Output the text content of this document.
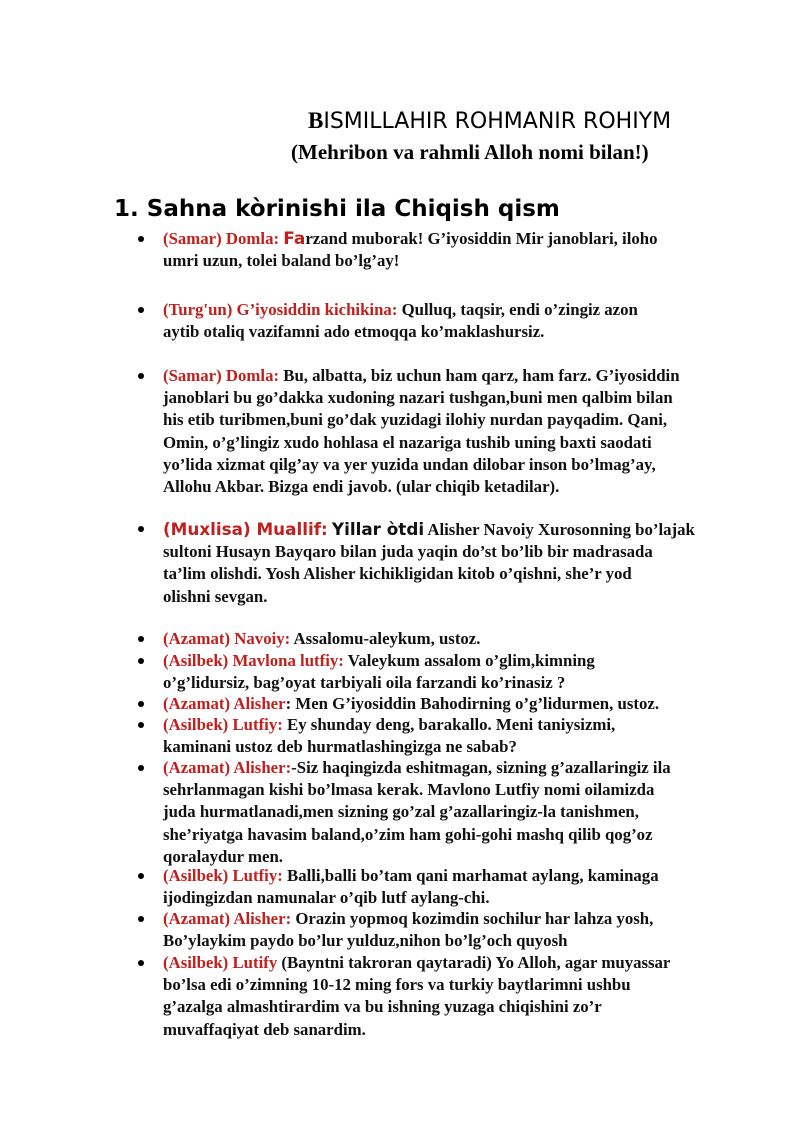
BISMILLAHIR ROHMANIR ROHIYM
(Mehribon va rahmli Alloh nomi bilan!)
1. Sahna kòrinishi ila Chiqish qism
(Samar) Domla: Farzand muborak! G’iyosiddin Mir janoblari, iloho
umri uzun, tolei baland bo’lg’ay!
(Turg'un) G’iyosiddin kichikina: Qulluq, taqsir, endi o’zingiz azon
aytib otaliq vazifamni ado etmoqqa ko’maklashursiz.
(Samar) Domla: Bu, albatta, biz uchun ham qarz, ham farz. G’iyosiddin
janoblari bu go’dakka xudoning nazari tushgan,buni men qalbim bilan
his etib turibmen,buni go’dak yuzidagi ilohiy nurdan payqadim. Qani,
Omin, o’g’lingiz xudo hohlasa el nazariga tushib uning baxti saodati
yo’lida xizmat qilg’ay va yer yuzida undan dilobar inson bo’lmag’ay,
Allohu Akbar. Bizga endi javob. (ular chiqib ketadilar).
(Muxlisa) Muallif: Yillar òtdi Alisher Navoiy Xurosonning bo’lajak
sultoni Husayn Bayqaro bilan juda yaqin do’st bo’lib bir madrasada
ta’lim olishdi. Yosh Alisher kichikligidan kitob o’qishni, she’r yod
olishni sevgan.
(Azamat) Navoiy: Assalomu-aleykum, ustoz.
(Asilbek) Mavlona lutfiy: Valeykum assalom o’glim,kimning
o’g’lidursiz, bag’oyat tarbiyali oila farzandi ko’rinasiz ?
(Azamat) Alisher: Men G’iyosiddin Bahodirning o’g’lidurmen, ustoz.
(Asilbek) Lutfiy: Ey shunday deng, barakallo. Meni taniysizmi,
kaminani ustoz deb hurmatlashingizga ne sabab?
(Azamat) Alisher:-Siz haqingizda eshitmagan, sizning g’azallaringiz ila
sehrlanmagan kishi bo’lmasa kerak. Mavlono Lutfiy nomi oilamizda
juda hurmatlanadi,men sizning go’zal g’azallaringiz-la tanishmen,
she’riyatga havasim baland,o’zim ham gohi-gohi mashq qilib qog’oz
qoralaydur men.
(Asilbek) Lutfiy: Balli,balli bo’tam qani marhamat aylang, kaminaga
ijodingizdan namunalar o’qib lutf aylang-chi.
(Azamat) Alisher: Orazin yopmoq kozimdin sochilur har lahza yosh,
Bo’ylaykim paydo bo’lur yulduz,nihon bo’lg’och quyosh
(Asilbek) Lutify (Bayntni takroran qaytaradi) Yo Alloh, agar muyassar
bo’lsa edi o’zimning 10-12 ming fors va turkiy baytlarimni ushbu
g’azalga almashtirardim va bu ishning yuzaga chiqishini zo’r
muvaffaqiyat deb sanardim.
